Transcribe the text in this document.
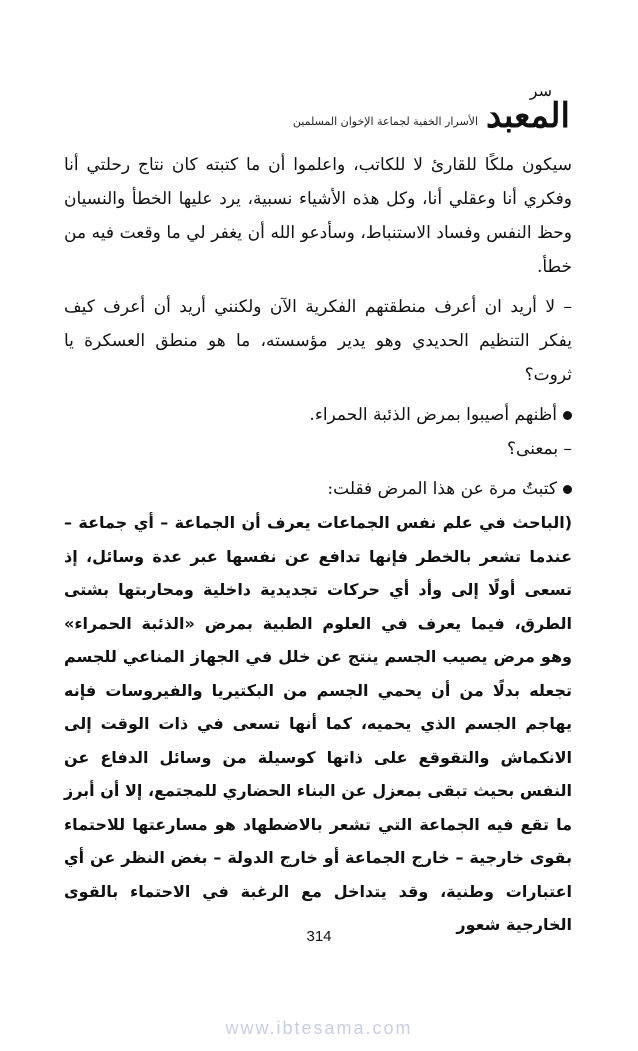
سر
المعبد
الأسرار الخفية لجماعة الإخوان المسلمين

سيكون ملكًا للقارئ لا للكاتب، واعلموا أن ما كتبته كان نتاج رحلتي أنا وفكري أنا وعقلي أنا، وكل هذه الأشياء نسبية، يرد عليها الخطأ والنسيان وحظ النفس وفساد الاستنباط، وسأدعو الله أن يغفر لي ما وقعت فيه من خطأ.

– لا أريد ان أعرف منطقتهم الفكرية الآن ولكنني أريد أن أعرف كيف يفكر التنظيم الحديدي وهو يدير مؤسسته، ما هو منطق العسكرة يا ثروت؟

أظنهم أصيبوا بمرض الذئبة الحمراء.

– بمعنى؟

كتبتُ مرة عن هذا المرض فقلت:

(الباحث في علم نفس الجماعات يعرف أن الجماعة – أي جماعة – عندما تشعر بالخطر فإنها تدافع عن نفسها عبر عدة وسائل، إذ تسعى أولًا إلى وأد أي حركات تجديدية داخلية ومحاربتها بشتى الطرق، فيما يعرف في العلوم الطبية بمرض «الذئبة الحمراء» وهو مرض يصيب الجسم ينتج عن خلل في الجهاز المناعي للجسم تجعله بدلًا من أن يحمي الجسم من البكتيريا والفيروسات فإنه يهاجم الجسم الذي يحميه، كما أنها تسعى في ذات الوقت إلى الانكماش والتقوقع على ذاتها كوسيلة من وسائل الدفاع عن النفس بحيث تبقى بمعزل عن البناء الحضاري للمجتمع، إلا أن أبرز ما تقع فيه الجماعة التي تشعر بالاضطهاد هو مسارعتها للاحتماء بقوى خارجية – خارج الجماعة أو خارج الدولة – بغض النظر عن أي اعتبارات وطنية، وقد يتداخل مع الرغبة في الاحتماء بالقوى الخارجية شعور

314
www.ibtesama.com
